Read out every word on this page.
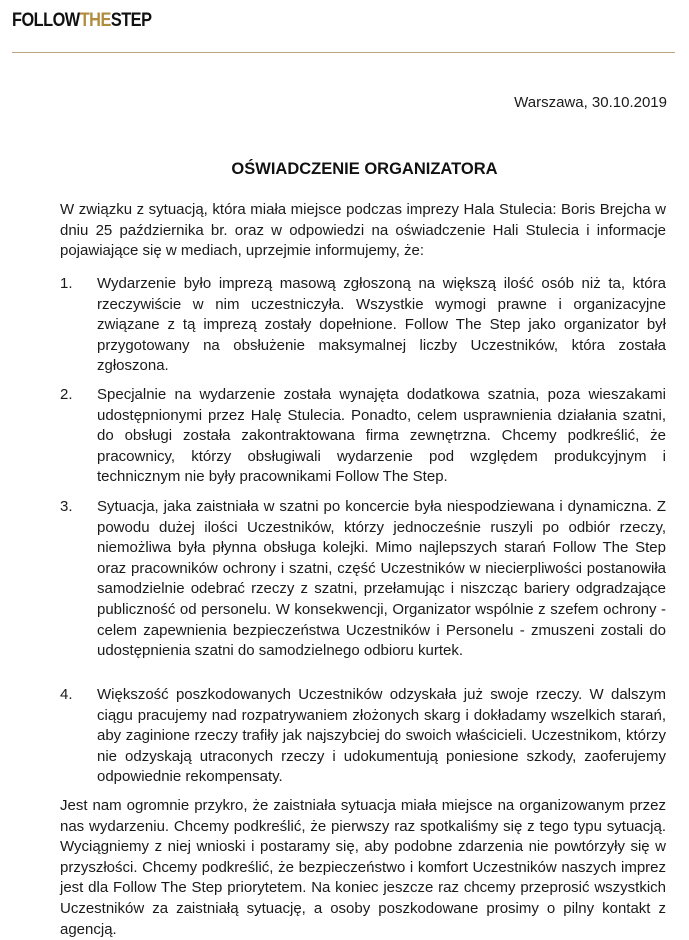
FOLLOWTHESTEP
Warszawa, 30.10.2019
OŚWIADCZENIE ORGANIZATORA

W związku z sytuacją, która miała miejsce podczas imprezy Hala Stulecia: Boris Brejcha w dniu 25 października br. oraz w odpowiedzi na oświadczenie Hali Stulecia i informacje pojawiające się w mediach, uprzejmie informujemy, że:

1. Wydarzenie było imprezą masową zgłoszoną na większą ilość osób niż ta, która rzeczywiście w nim uczestniczyła. Wszystkie wymogi prawne i organizacyjne związane z tą imprezą zostały dopełnione. Follow The Step jako organizator był przygotowany na obsłużenie maksymalnej liczby Uczestników, która została zgłoszona.

2. Specjalnie na wydarzenie została wynajęta dodatkowa szatnia, poza wieszakami udostępnionymi przez Halę Stulecia. Ponadto, celem usprawnienia działania szatni, do obsługi została zakontraktowana firma zewnętrzna. Chcemy podkreślić, że pracownicy, którzy obsługiwali wydarzenie pod względem produkcyjnym i technicznym nie były pracownikami Follow The Step.

3. Sytuacja, jaka zaistniała w szatni po koncercie była niespodziewana i dynamiczna. Z powodu dużej ilości Uczestników, którzy jednocześnie ruszyli po odbiór rzeczy, niemożliwa była płynna obsługa kolejki. Mimo najlepszych starań Follow The Step oraz pracowników ochrony i szatni, część Uczestników w niecierpliwości postanowiła samodzielnie odebrać rzeczy z szatni, przełamując i niszcząc bariery odgradzające publiczność od personelu. W konsekwencji, Organizator wspólnie z szefem ochrony - celem zapewnienia bezpieczeństwa Uczestników i Personelu - zmuszeni zostali do udostępnienia szatni do samodzielnego odbioru kurtek.

4. Większość poszkodowanych Uczestników odzyskała już swoje rzeczy. W dalszym ciągu pracujemy nad rozpatrywaniem złożonych skarg i dokładamy wszelkich starań, aby zaginione rzeczy trafiły jak najszybciej do swoich właścicieli. Uczestnikom, którzy nie odzyskają utraconych rzeczy i udokumentują poniesione szkody, zaoferujemy odpowiednie rekompensaty.

Jest nam ogromnie przykro, że zaistniała sytuacja miała miejsce na organizowanym przez nas wydarzeniu. Chcemy podkreślić, że pierwszy raz spotkaliśmy się z tego typu sytuacją. Wyciągniemy z niej wnioski i postaramy się, aby podobne zdarzenia nie powtórzyły się w przyszłości. Chcemy podkreślić, że bezpieczeństwo i komfort Uczestników naszych imprez jest dla Follow The Step priorytetem. Na koniec jeszcze raz chcemy przeprosić wszystkich Uczestników za zaistniałą sytuację, a osoby poszkodowane prosimy o pilny kontakt z agencją.
